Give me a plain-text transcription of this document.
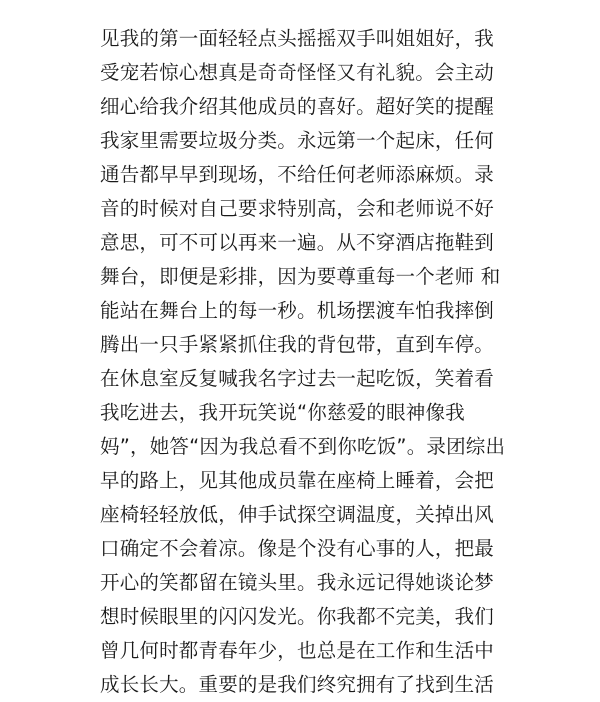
见我的第一面轻轻点头摇摇双手叫姐姐好，我
受宠若惊心想真是奇奇怪怪又有礼貌。会主动
细心给我介绍其他成员的喜好。超好笑的提醒
我家里需要垃圾分类。永远第一个起床，任何
通告都早早到现场，不给任何老师添麻烦。录
音的时候对自己要求特别高，会和老师说不好
意思，可不可以再来一遍。从不穿酒店拖鞋到
舞台，即便是彩排，因为要尊重每一个老师 和
能站在舞台上的每一秒。机场摆渡车怕我摔倒
腾出一只手紧紧抓住我的背包带，直到车停。
在休息室反复喊我名字过去一起吃饭，笑着看
我吃进去，我开玩笑说“你慈爱的眼神像我
妈”，她答“因为我总看不到你吃饭”。录团综出
早的路上，见其他成员靠在座椅上睡着，会把
座椅轻轻放低，伸手试探空调温度，关掉出风
口确定不会着凉。像是个没有心事的人，把最
开心的笑都留在镜头里。我永远记得她谈论梦
想时候眼里的闪闪发光。你我都不完美，我们
曾几何时都青春年少，也总是在工作和生活中
成长长大。重要的是我们终究拥有了找到生活
